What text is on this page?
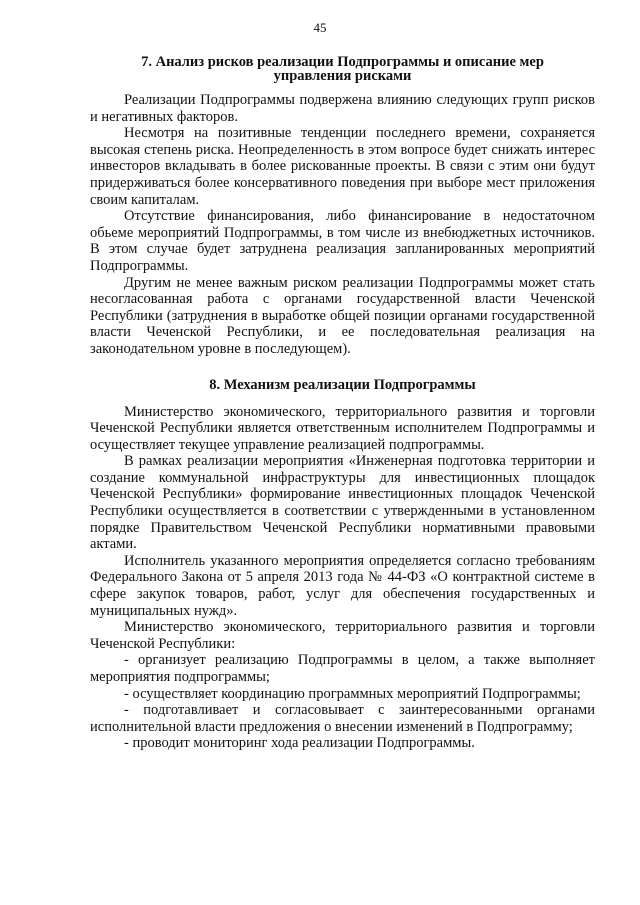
45
7. Анализ рисков реализации Подпрограммы и описание мер
управления рисками

Реализации Подпрограммы подвержена влиянию следующих групп рисков и негативных факторов.

Несмотря на позитивные тенденции последнего времени, сохраняется высокая степень риска. Неопределенность в этом вопросе будет снижать интерес инвесторов вкладывать в более рискованные проекты. В связи с этим они будут придерживаться более консервативного поведения при выборе мест приложения своим капиталам.

Отсутствие финансирования, либо финансирование в недостаточном обьеме мероприятий Подпрограммы, в том числе из внебюджетных источников. В этом случае будет затруднена реализация запланированных мероприятий Подпрограммы.

Другим не менее важным риском реализации Подпрограммы может стать несогласованная работа с органами государственной власти Чеченской Республики (затруднения в выработке общей позиции органами государственной власти Чеченской Республики, и ее последовательная реализация на законодательном уровне в последующем).

8. Механизм реализации Подпрограммы

Министерство экономического, территориального развития и торговли Чеченской Республики является ответственным исполнителем Подпрограммы и осуществляет текущее управление реализацией подпрограммы.

В рамках реализации мероприятия «Инженерная подготовка территории и создание коммунальной инфраструктуры для инвестиционных площадок Чеченской Республики» формирование инвестиционных площадок Чеченской Республики осуществляется в соответствии с утвержденными в установленном порядке Правительством Чеченской Республики нормативными правовыми актами.

Исполнитель указанного мероприятия определяется согласно требованиям Федерального Закона от 5 апреля 2013 года № 44-ФЗ «О контрактной системе в сфере закупок товаров, работ, услуг для обеспечения государственных и муниципальных нужд».

Министерство экономического, территориального развития и торговли Чеченской Республики:

- организует реализацию Подпрограммы в целом, а также выполняет мероприятия подпрограммы;

- осуществляет координацию программных мероприятий Подпрограммы;

- подготавливает и согласовывает с заинтересованными органами исполнительной власти предложения о внесении изменений в Подпрограмму;

- проводит мониторинг хода реализации Подпрограммы.
